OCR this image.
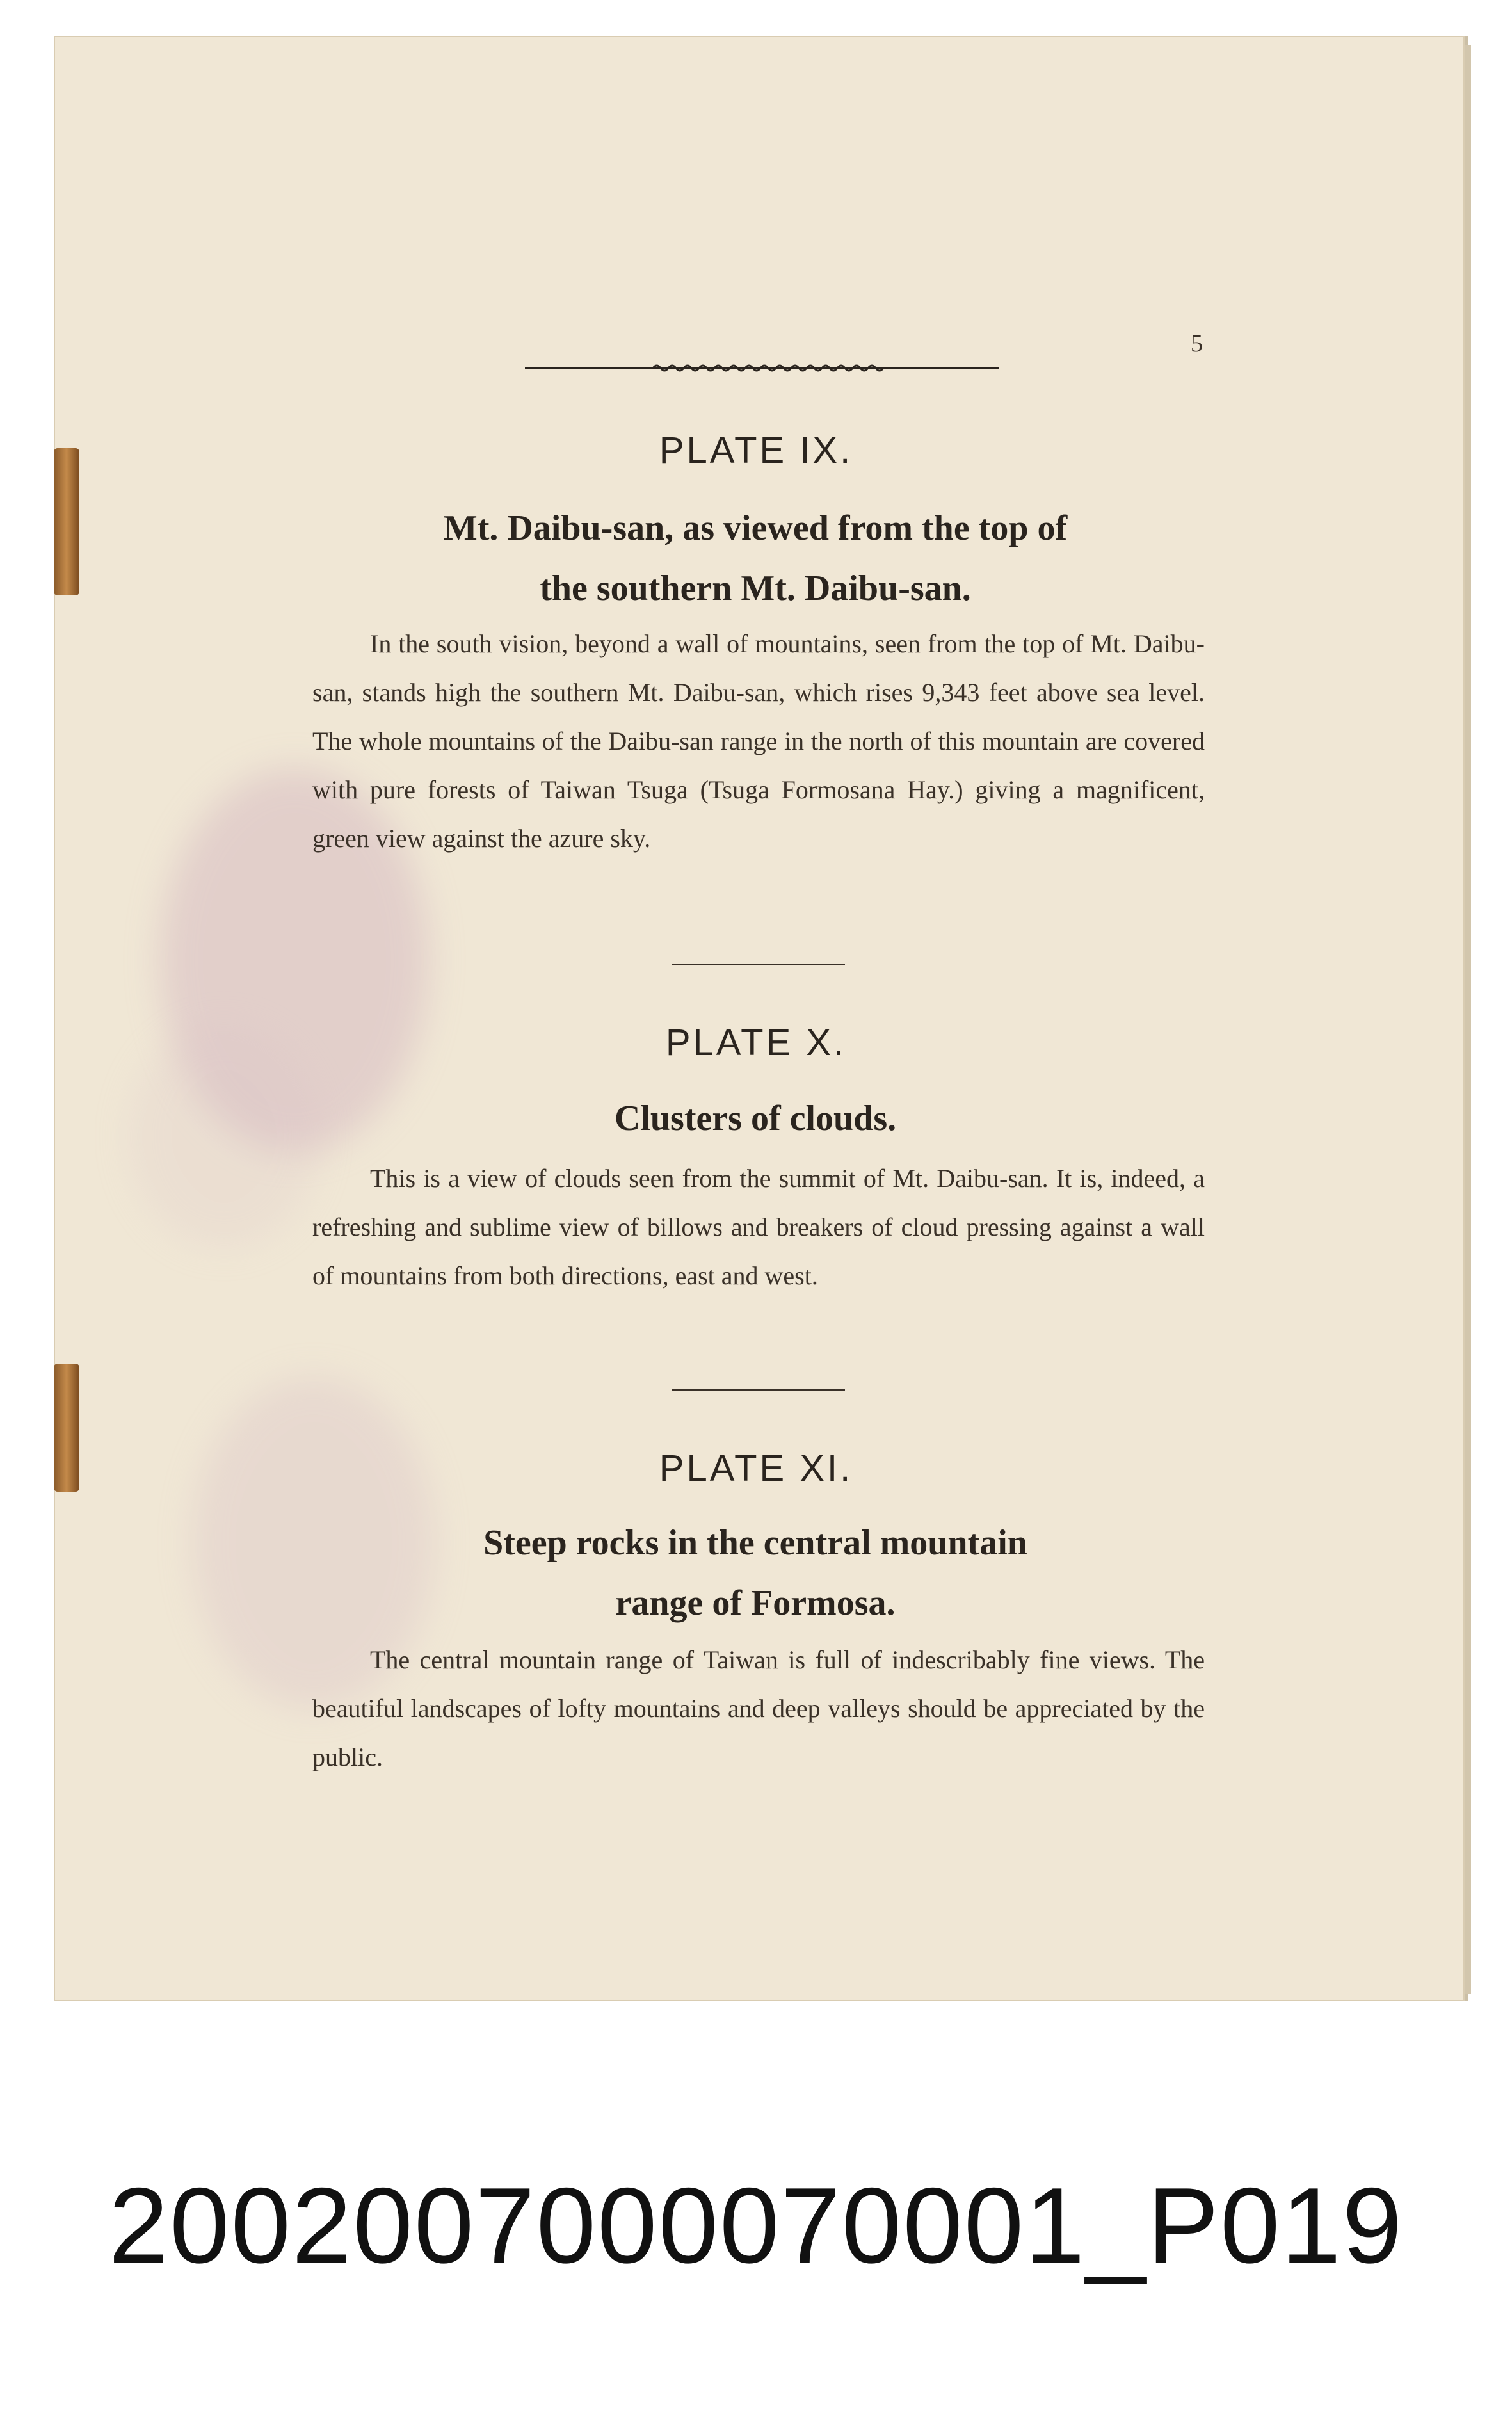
5
PLATE IX.
Mt. Daibu-san, as viewed from the top of
the southern Mt. Daibu-san.
In the south vision, beyond a wall of mountains, seen from the top of Mt. Daibu-san, stands high the southern Mt. Daibu-san, which rises 9,343 feet above sea level. The whole mountains of the Daibu-san range in the north of this mountain are covered with pure forests of Taiwan Tsuga (Tsuga Formosana Hay.) giving a magnificent, green view against the azure sky.
PLATE X.
Clusters of clouds.
This is a view of clouds seen from the summit of Mt. Daibu-san. It is, indeed, a refreshing and sublime view of billows and breakers of cloud pressing against a wall of mountains from both directions, east and west.
PLATE XI.
Steep rocks in the central mountain
range of Formosa.
The central mountain range of Taiwan is full of indescribably fine views. The beautiful landscapes of lofty mountains and deep valleys should be appreciated by the public.
2002007000070001_P019
